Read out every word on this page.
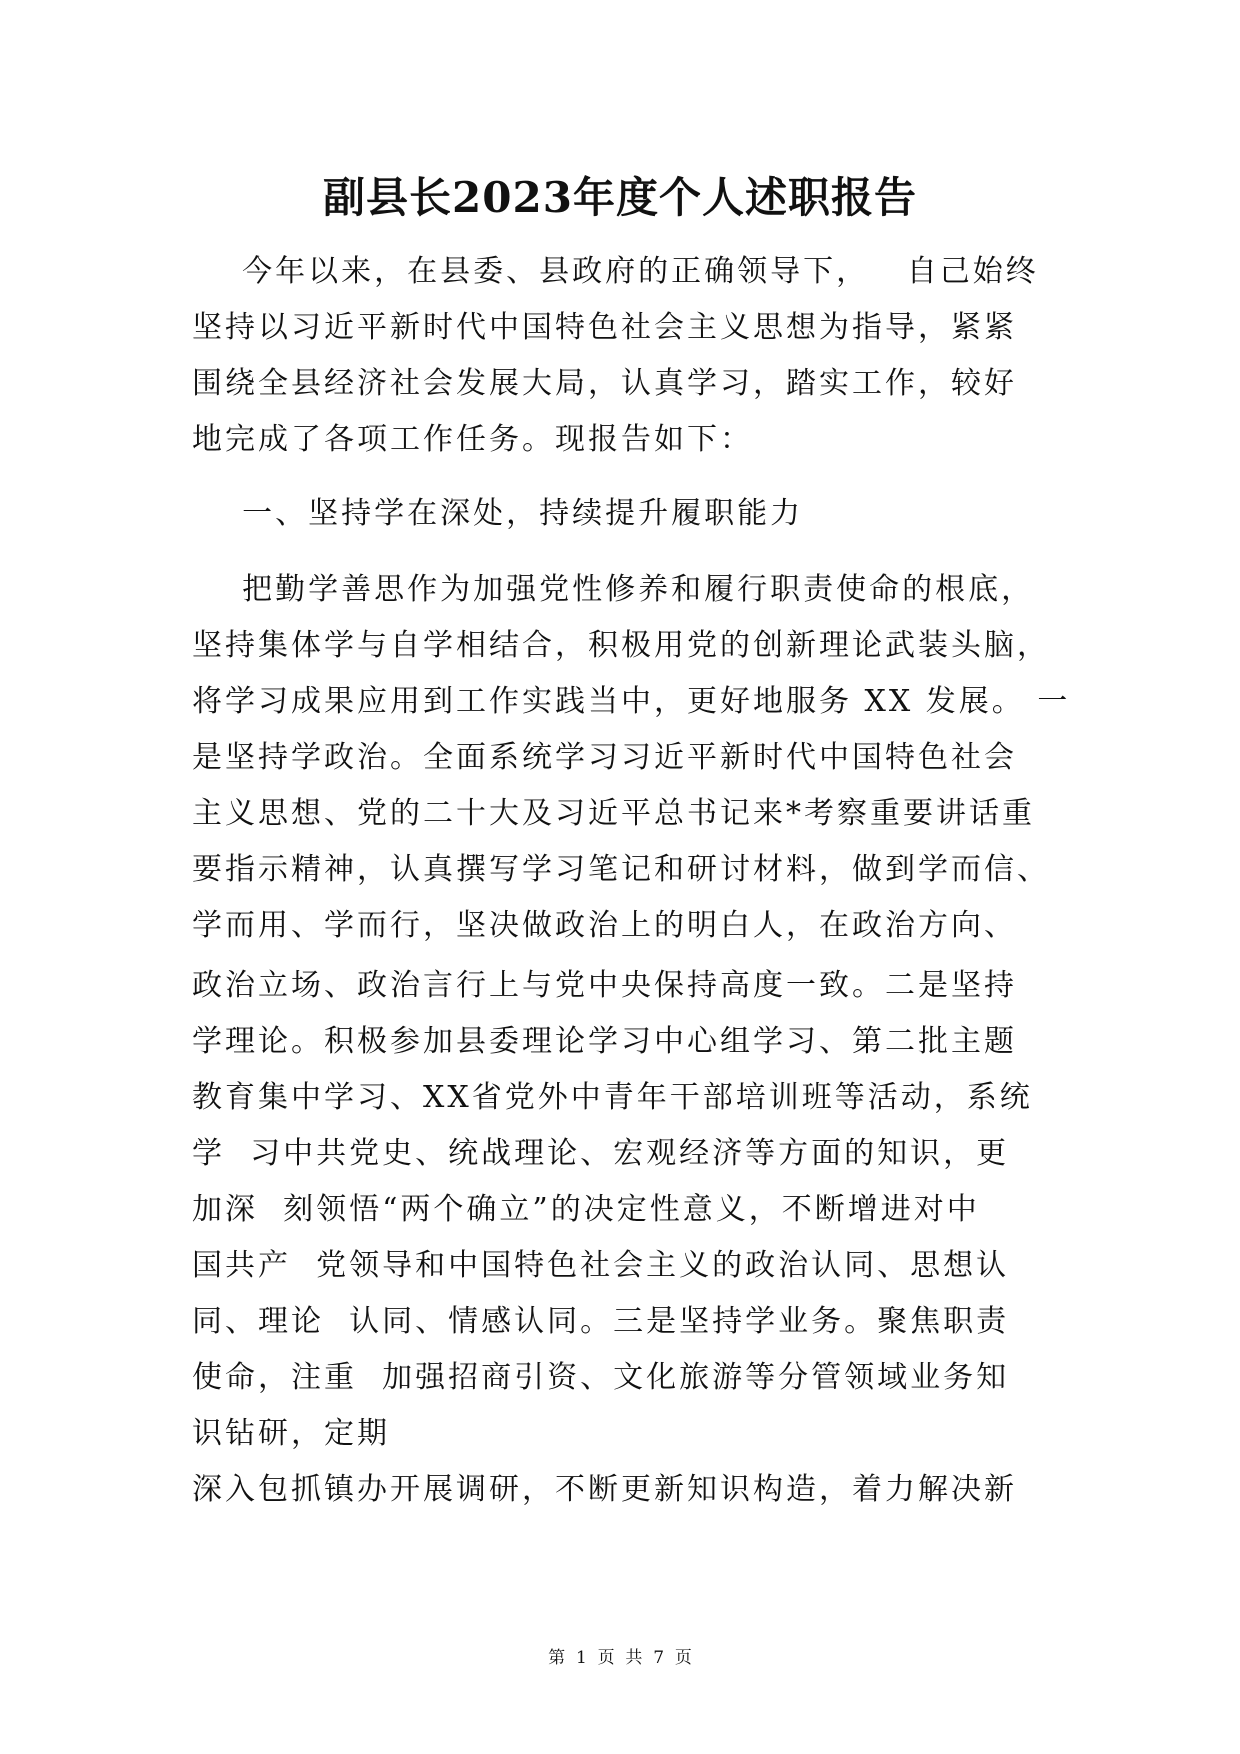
副县长2023年度个人述职报告
今年以来，在县委、县政府的正确领导下，   自己始终
坚持以习近平新时代中国特色社会主义思想为指导，紧紧
围绕全县经济社会发展大局，认真学习，踏实工作，较好
地完成了各项工作任务。现报告如下：
一、坚持学在深处，持续提升履职能力
把勤学善思作为加强党性修养和履行职责使命的根底，
坚持集体学与自学相结合，积极用党的创新理论武装头脑，
将学习成果应用到工作实践当中，更好地服务 XX 发展。 一
是坚持学政治。全面系统学习习近平新时代中国特色社会
主义思想、党的二十大及习近平总书记来*考察重要讲话重
要指示精神，认真撰写学习笔记和研讨材料，做到学而信、
学而用、学而行，坚决做政治上的明白人，在政治方向、
政治立场、政治言行上与党中央保持高度一致。二是坚持
学理论。积极参加县委理论学习中心组学习、第二批主题
教育集中学习、XX省党外中青年干部培训班等活动，系统
学  习中共党史、统战理论、宏观经济等方面的知识，更
加深  刻领悟“两个确立”的决定性意义，不断增进对中
国共产  党领导和中国特色社会主义的政治认同、思想认
同、理论  认同、情感认同。三是坚持学业务。聚焦职责
使命，注重  加强招商引资、文化旅游等分管领域业务知
识钻研，定期
深入包抓镇办开展调研，不断更新知识构造，着力解决新
第  1  页  共  7  页
